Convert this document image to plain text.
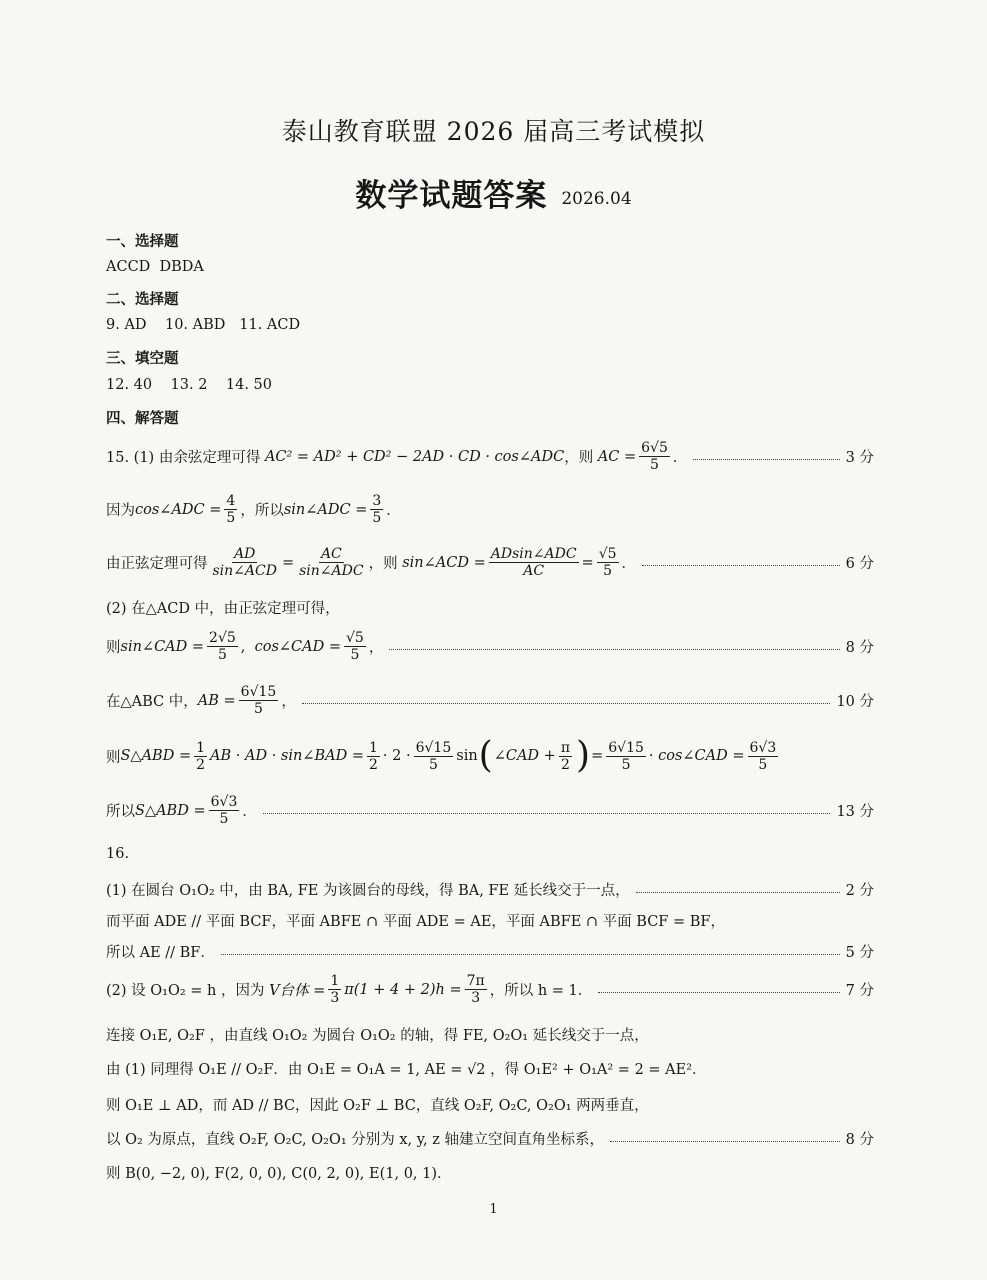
泰山教育联盟 2026 届高三考试模拟
数学试题答案 2026.04
一、选择题
ACCD  DBDA
二、选择题
9. AD    10. ABD   11. ACD
三、填空题
12. 40    13. 2    14. 50
四、解答题
15. (1) 由余弦定理可得
AC² = AD² + CD² − 2AD · CD · cos∠ADC ，则
AC = $\frac{6√5}{5}$ ．	3 分
因为 cos∠ADC = $\frac{4}{5}$ ，所以 sin∠ADC = $\frac{3}{5}$ ．
由正弦定理可得 $\frac{AD}{\text{sin∠ACD}} = \frac{AC}{\text{sin∠ADC}}$ ，则
sin∠ACD = $\frac{\text{ADsin∠ADC}}{AC} = \frac{√5}{5}$ ．	6 分
(2) 在△ACD 中，由正弦定理可得，
则 sin∠CAD = $\frac{2√5}{5}$ , cos∠CAD = $\frac{√5}{5}$ ，	8 分
在△ABC 中， AB = $\frac{6√15}{5}$ ，	10 分
则 S△ABD = $\frac{1}{2}$ AB · AD · sin∠BAD = $\frac{1}{2} \cdot 2 \cdot \frac{6√15}{5}$ sin ( ∠CAD + $\frac{\pi}{2}$ ) = $\frac{6√15}{5}$ · cos∠CAD = $\frac{6√3}{5}$
所以 S△ABD = $\frac{6√3}{5}$ ．	13 分
16.
(1) 在圆台 O₁O₂ 中，由 BA, FE 为该圆台的母线，得 BA, FE 延长线交于一点，	2 分
而平面 ADE // 平面 BCF，平面 ABFE ∩ 平面 ADE = AE，平面 ABFE ∩ 平面 BCF = BF，
所以 AE // BF．	5 分
(2) 设 O₁O₂ = h ，因为
V台体 = $\frac{1}{3} \pi(1 + 4 + 2)h = \frac{7\pi}{3}$ ，所以 h = 1．	7 分
连接 O₁E, O₂F ，由直线 O₁O₂ 为圆台 O₁O₂ 的轴，得 FE, O₂O₁ 延长线交于一点，
由 (1) 同理得 O₁E // O₂F．由 O₁E = O₁A = 1, AE = √2 ，得 O₁E² + O₁A² = 2 = AE²．
则 O₁E ⊥ AD，而 AD // BC，因此 O₂F ⊥ BC，直线 O₂F, O₂C, O₂O₁ 两两垂直，
以 O₂ 为原点，直线 O₂F, O₂C, O₂O₁ 分别为 x, y, z 轴建立空间直角坐标系，	8 分
则 B(0, −2, 0), F(2, 0, 0), C(0, 2, 0), E(1, 0, 1)．
1
